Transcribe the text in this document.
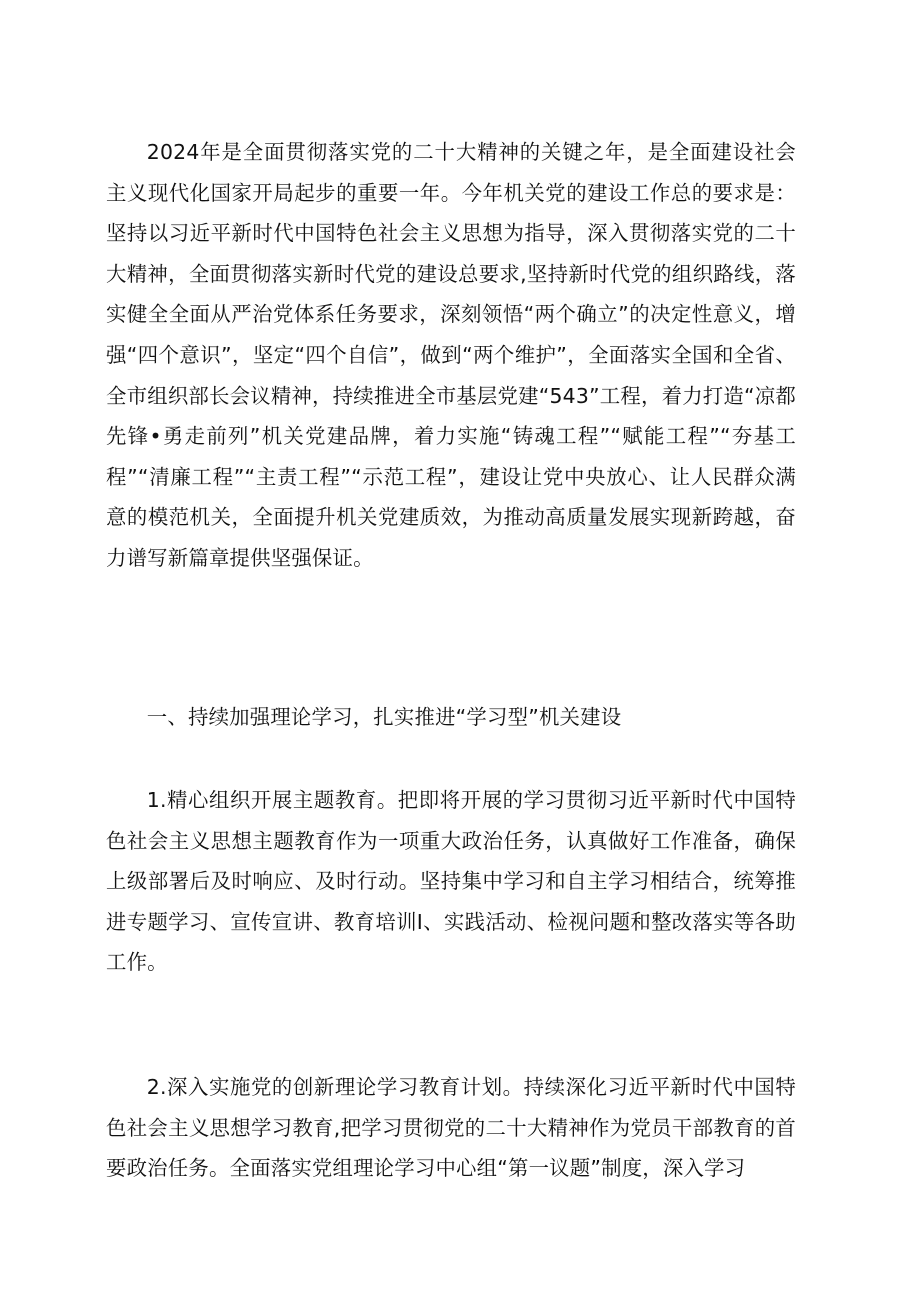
2024年是全面贯彻落实党的二十大精神的关键之年，是全面建设社会主义现代化国家开局起步的重要一年。今年机关党的建设工作总的要求是：坚持以习近平新时代中国特色社会主义思想为指导，深入贯彻落实党的二十大精神，全面贯彻落实新时代党的建设总要求,坚持新时代党的组织路线，落实健全全面从严治党体系任务要求，深刻领悟“两个确立”的决定性意义，增强“四个意识”，坚定“四个自信”，做到“两个维护”，全面落实全国和全省、全市组织部长会议精神，持续推进全市基层党建“543”工程，着力打造“凉都先锋•勇走前列”机关党建品牌，着力实施“铸魂工程”“赋能工程”“夯基工程”“清廉工程”“主责工程”“示范工程”，建设让党中央放心、让人民群众满意的模范机关，全面提升机关党建质效，为推动高质量发展实现新跨越，奋力谱写新篇章提供坚强保证。

一、持续加强理论学习，扎实推进“学习型”机关建设

1.精心组织开展主题教育。把即将开展的学习贯彻习近平新时代中国特色社会主义思想主题教育作为一项重大政治任务，认真做好工作准备，确保上级部署后及时响应、及时行动。坚持集中学习和自主学习相结合，统筹推进专题学习、宣传宣讲、教育培训I、实践活动、检视问题和整改落实等各助工作。

2.深入实施党的创新理论学习教育计划。持续深化习近平新时代中国特色社会主义思想学习教育,把学习贯彻党的二十大精神作为党员干部教育的首要政治任务。全面落实党组理论学习中心组“第一议题”制度，深入学习
